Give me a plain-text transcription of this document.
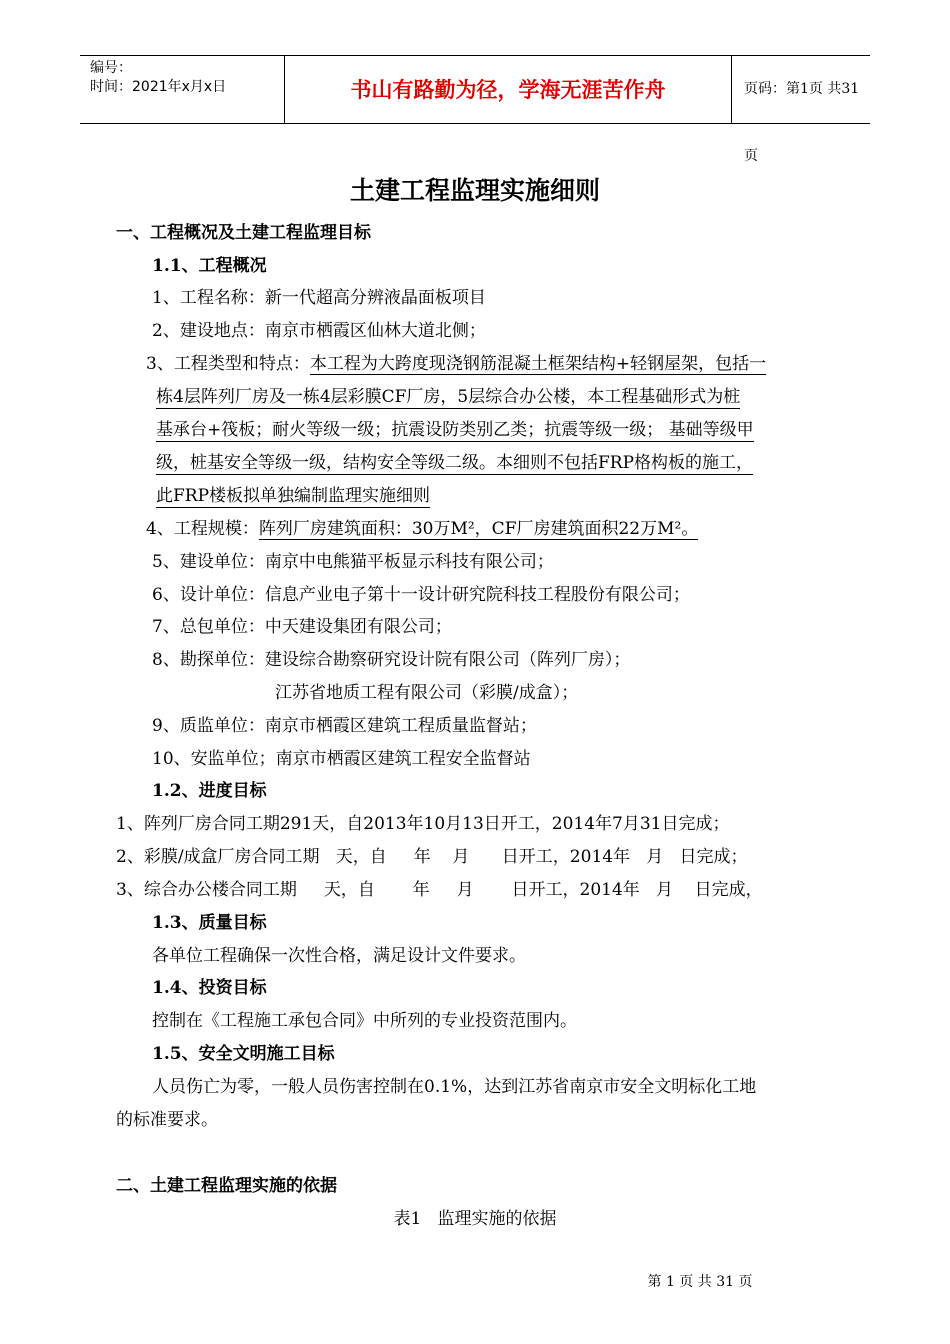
编号：
时间：2021年x月x日	书山有路勤为径，学海无涯苦作舟	页码：第1页 共31页
土建工程监理实施细则
一、工程概况及土建工程监理目标
1.1、工程概况
1、工程名称：新一代超高分辨液晶面板项目
2、建设地点：南京市栖霞区仙林大道北侧；
3、工程类型和特点：本工程为大跨度现浇钢筋混凝土框架结构+轻钢屋架，包括一
栋4层阵列厂房及一栋4层彩膜CF厂房，5层综合办公楼，本工程基础形式为桩
基承台+筏板；耐火等级一级；抗震设防类别乙类；抗震等级一级； 基础等级甲
级，桩基安全等级一级，结构安全等级二级。本细则不包括FRP格构板的施工，
此FRP楼板拟单独编制监理实施细则
4、工程规模：阵列厂房建筑面积：30万M²，CF厂房建筑面积22万M²。
5、建设单位：南京中电熊猫平板显示科技有限公司；
6、设计单位：信息产业电子第十一设计研究院科技工程股份有限公司；
7、总包单位：中天建设集团有限公司；
8、勘探单位：建设综合勘察研究设计院有限公司（阵列厂房）；
江苏省地质工程有限公司（彩膜/成盒）；
9、质监单位：南京市栖霞区建筑工程质量监督站；
10、安监单位；南京市栖霞区建筑工程安全监督站
1.2、进度目标
1、阵列厂房合同工期291天，自2013年10月13日开工，2014年7月31日完成；
2、彩膜/成盒厂房合同工期   天，自     年    月      日开工，2014年   月   日完成；
3、综合办公楼合同工期     天，自       年     月       日开工，2014年   月    日完成，
1.3、质量目标
各单位工程确保一次性合格，满足设计文件要求。
1.4、投资目标
控制在《工程施工承包合同》中所列的专业投资范围内。
1.5、安全文明施工目标
人员伤亡为零，一般人员伤害控制在0.1%，达到江苏省南京市安全文明标化工地
的标准要求。
二、土建工程监理实施的依据
表1   监理实施的依据
第 1 页 共 31 页
